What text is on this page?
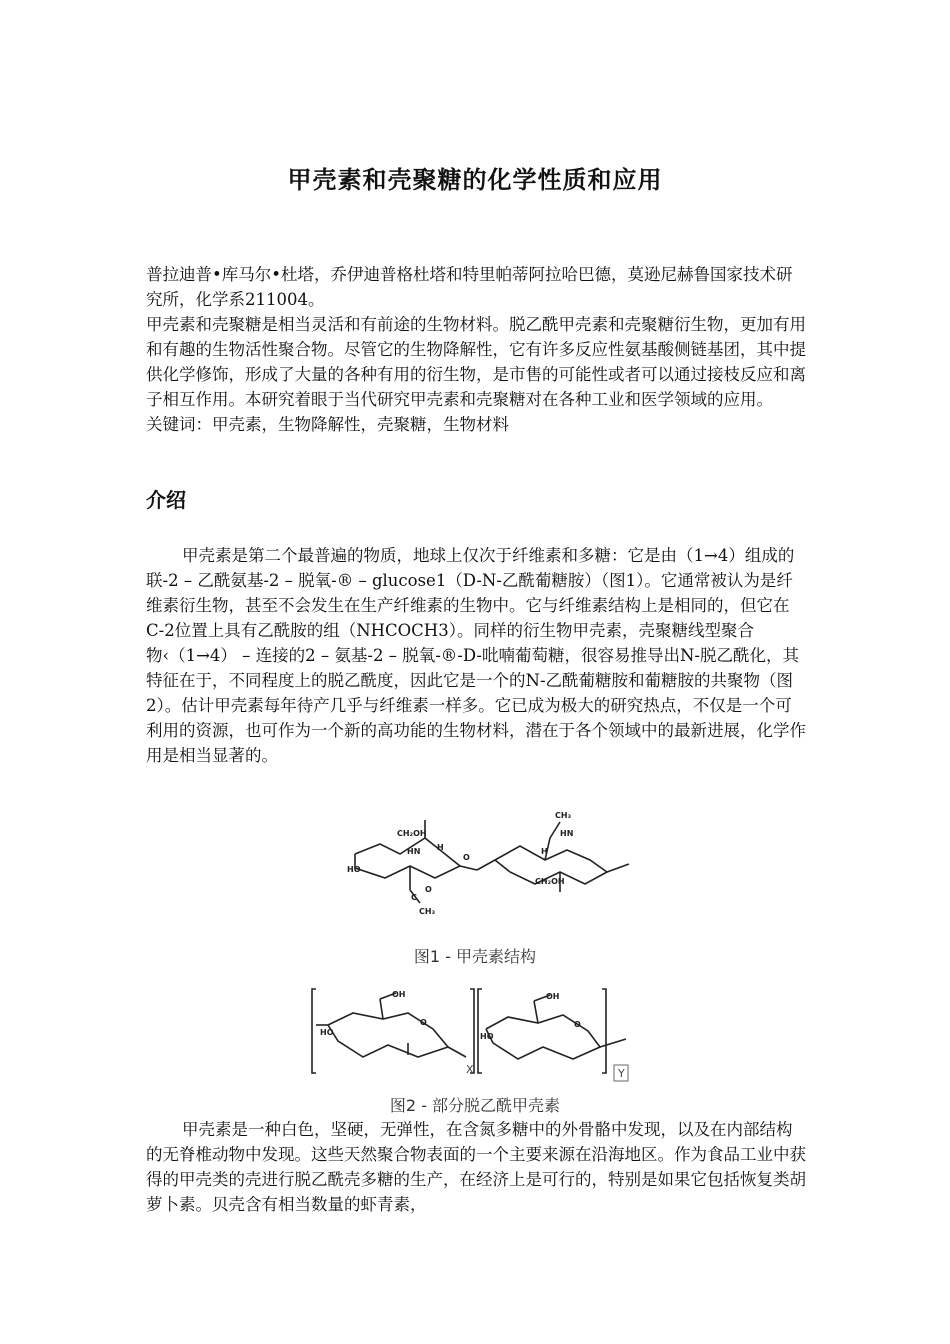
甲壳素和壳聚糖的化学性质和应用

普拉迪普•库马尔•杜塔，乔伊迪普格杜塔和特里帕蒂阿拉哈巴德，莫逊尼赫鲁国家技术研究所，化学系211004。

甲壳素和壳聚糖是相当灵活和有前途的生物材料。脱乙酰甲壳素和壳聚糖衍生物，更加有用和有趣的生物活性聚合物。尽管它的生物降解性，它有许多反应性氨基酸侧链基团，其中提供化学修饰，形成了大量的各种有用的衍生物，是市售的可能性或者可以通过接枝反应和离子相互作用。本研究着眼于当代研究甲壳素和壳聚糖对在各种工业和医学领域的应用。

关键词：甲壳素，生物降解性，壳聚糖，生物材料

介绍

甲壳素是第二个最普遍的物质，地球上仅次于纤维素和多糖：它是由（1→4）组成的联-2 – 乙酰氨基-2 – 脱氧-® – glucose1（D-N-乙酰葡糖胺）（图1）。它通常被认为是纤维素衍生物，甚至不会发生在生产纤维素的生物中。它与纤维素结构上是相同的，但它在C-2位置上具有乙酰胺的组（NHCOCH3）。同样的衍生物甲壳素，壳聚糖线型聚合物‹（1→4） – 连接的2 – 氨基-2 – 脱氧-®-D-吡喃葡萄糖，很容易推导出N-脱乙酰化，其特征在于，不同程度上的脱乙酰度，因此它是一个的N-乙酰葡糖胺和葡糖胺的共聚物（图2）。估计甲壳素每年待产几乎与纤维素一样多。它已成为极大的研究热点，不仅是一个可利用的资源，也可作为一个新的高功能的生物材料，潜在于各个领域中的最新进展，化学作用是相当显著的。

CH₃
CH₂OH
HN H
HO
O
CH₂OH
H
HN
C
O
CH₃
图1 - 甲壳素结构
OH
HO
O
OH
HO
O
X	Y
图2 - 部分脱乙酰甲壳素

甲壳素是一种白色，坚硬，无弹性，在含氮多糖中的外骨骼中发现，以及在内部结构的无脊椎动物中发现。这些天然聚合物表面的一个主要来源在沿海地区。作为食品工业中获得的甲壳类的壳进行脱乙酰壳多糖的生产，在经济上是可行的，特别是如果它包括恢复类胡萝卜素。贝壳含有相当数量的虾青素，
